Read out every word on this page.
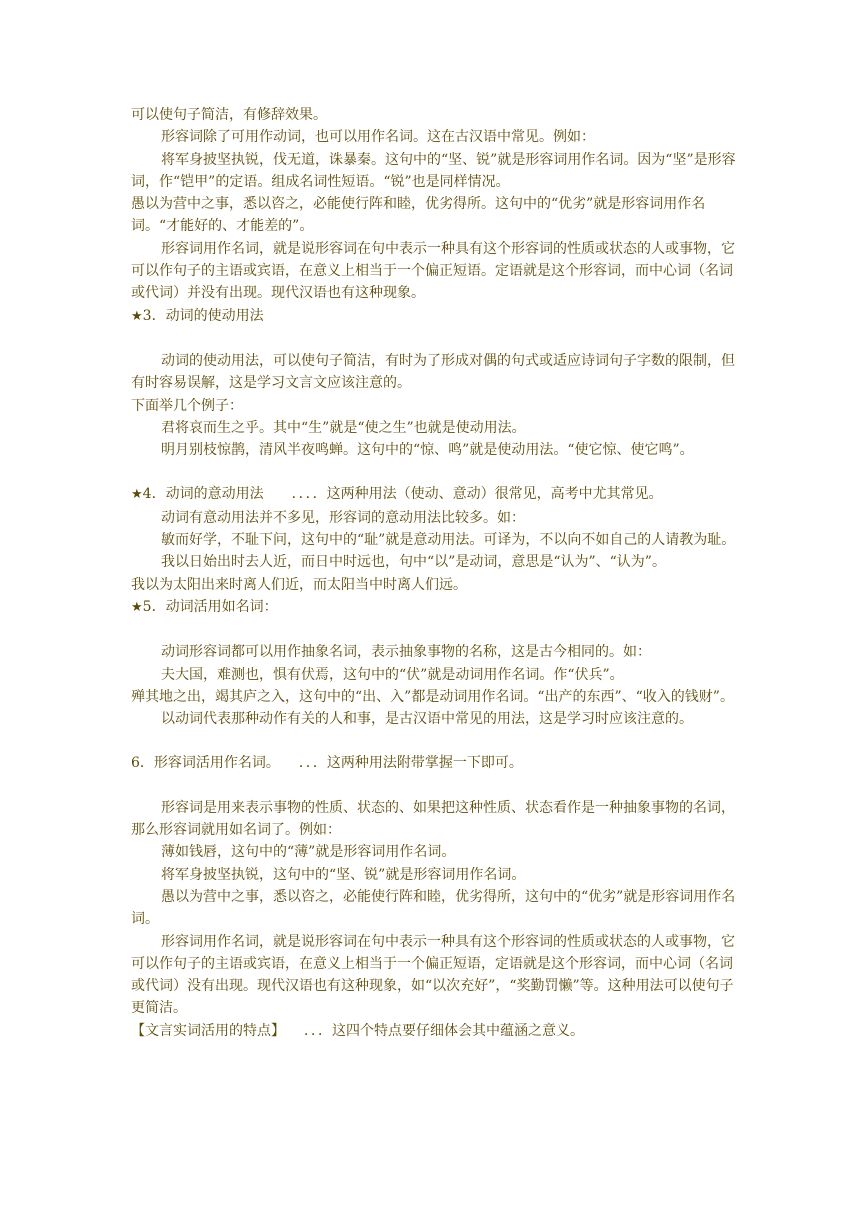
可以使句子简洁，有修辞效果。

形容词除了可用作动词，也可以用作名词。这在古汉语中常见。例如：

将军身披坚执锐，伐无道，诛暴秦。这句中的“坚、锐”就是形容词用作名词。因为“坚”是形容词，作“铠甲”的定语。组成名词性短语。“锐”也是同样情况。

愚以为营中之事，悉以咨之，必能使行阵和睦，优劣得所。这句中的“优劣”就是形容词用作名词。“才能好的、才能差的”。

形容词用作名词，就是说形容词在句中表示一种具有这个形容词的性质或状态的人或事物，它可以作句子的主语或宾语，在意义上相当于一个偏正短语。定语就是这个形容词，而中心词（名词或代词）并没有出现。现代汉语也有这种现象。

★3．动词的使动用法

动词的使动用法，可以使句子简洁，有时为了形成对偶的句式或适应诗词句子字数的限制，但有时容易误解，这是学习文言文应该注意的。

下面举几个例子：

君将哀而生之乎。其中“生”就是“使之生”也就是使动用法。

明月别枝惊鹊，清风半夜鸣蝉。这句中的“惊、鸣”就是使动用法。“使它惊、使它鸣”。

★4．动词的意动用法 ．．．．这两种用法（使动、意动）很常见，高考中尤其常见。

动词有意动用法并不多见，形容词的意动用法比较多。如：

敏而好学，不耻下问，这句中的“耻”就是意动用法。可译为，不以向不如自己的人请教为耻。

我以日始出时去人近，而日中时远也，句中“以”是动词，意思是“认为”、“认为”。

我以为太阳出来时离人们近，而太阳当中时离人们远。

★5．动词活用如名词：

动词形容词都可以用作抽象名词，表示抽象事物的名称，这是古今相同的。如：

夫大国，难测也，惧有伏焉，这句中的“伏”就是动词用作名词。作“伏兵”。

殚其地之出，竭其庐之入，这句中的“出、入”都是动词用作名词。“出产的东西”、“收入的钱财”。

以动词代表那种动作有关的人和事，是古汉语中常见的用法，这是学习时应该注意的。

6．形容词活用作名词。 ．．．这两种用法附带掌握一下即可。

形容词是用来表示事物的性质、状态的、如果把这种性质、状态看作是一种抽象事物的名词，那么形容词就用如名词了。例如：

薄如钱唇，这句中的“薄”就是形容词用作名词。

将军身披坚执锐，这句中的“坚、锐”就是形容词用作名词。

愚以为营中之事，悉以咨之，必能使行阵和睦，优劣得所，这句中的“优劣”就是形容词用作名词。

形容词用作名词，就是说形容词在句中表示一种具有这个形容词的性质或状态的人或事物，它可以作句子的主语或宾语，在意义上相当于一个偏正短语，定语就是这个形容词，而中心词（名词或代词）没有出现。现代汉语也有这种现象，如“以次充好”，“奖勤罚懒”等。这种用法可以使句子更简洁。

【文言实词活用的特点】 ．．．这四个特点要仔细体会其中蕴涵之意义。
